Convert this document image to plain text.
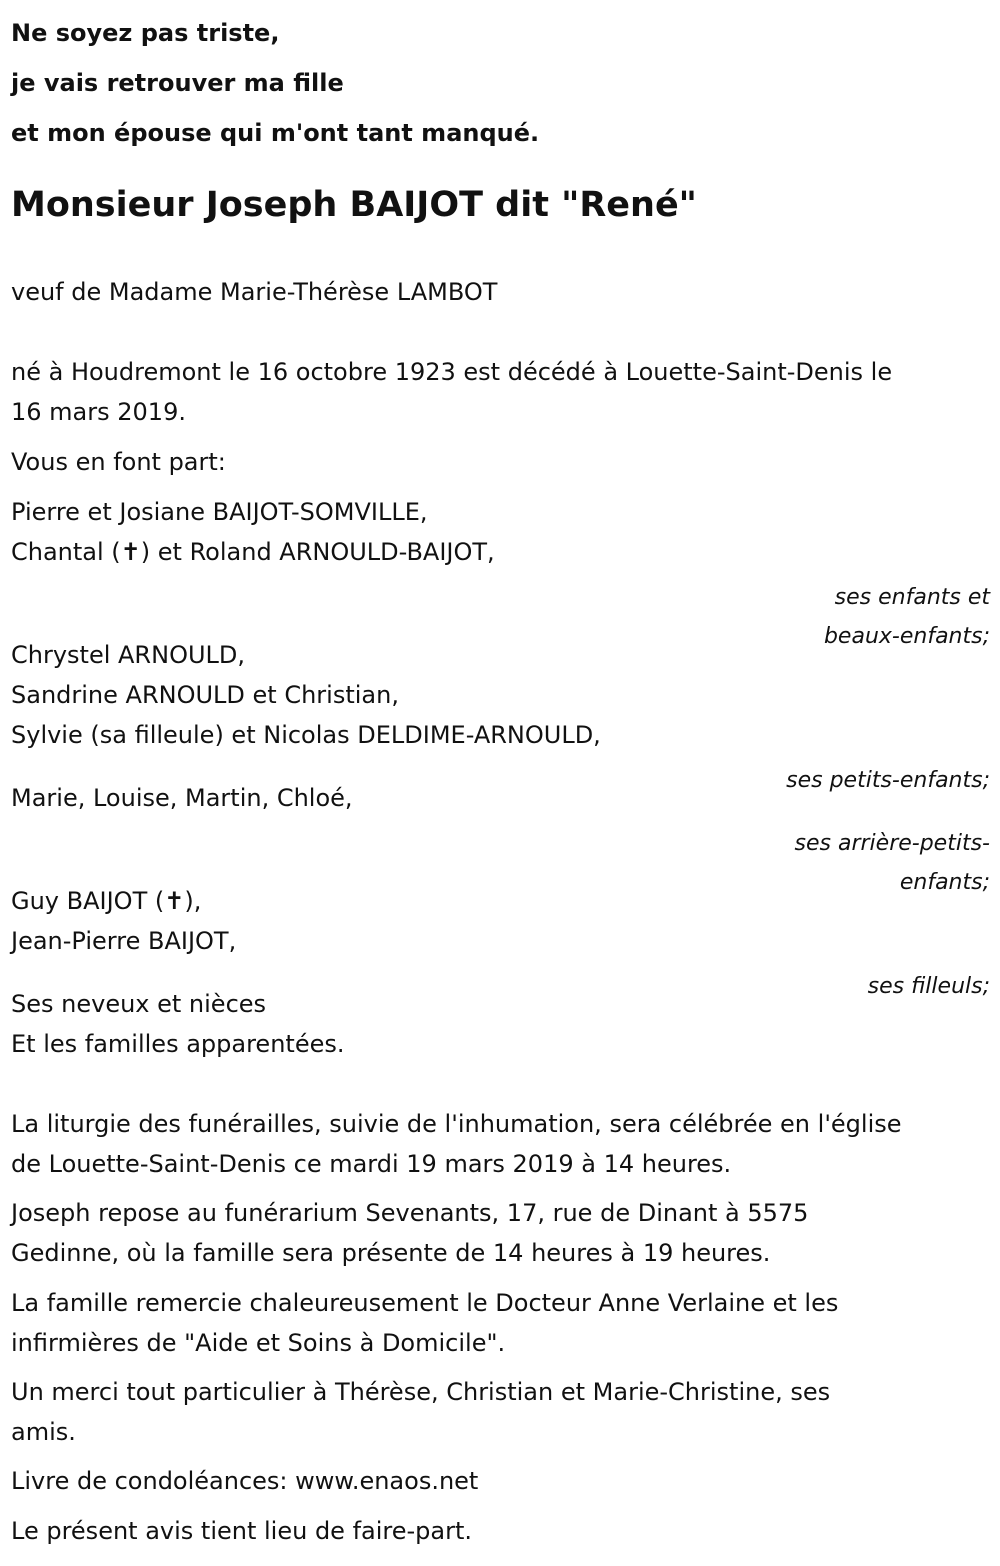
Ne soyez pas triste,

je vais retrouver ma fille

et mon épouse qui m'ont tant manqué.

Monsieur Joseph BAIJOT dit "René"

veuf de Madame Marie-Thérèse LAMBOT

né à Houdremont le 16 octobre 1923 est décédé à Louette-Saint-Denis le

16 mars 2019.

Vous en font part:

Pierre et Josiane BAIJOT-SOMVILLE,

Chantal (✝) et Roland ARNOULD-BAIJOT,

ses enfants et

beaux-enfants;

Chrystel ARNOULD,

Sandrine ARNOULD et Christian,

Sylvie (sa filleule) et Nicolas DELDIME-ARNOULD,

ses petits-enfants;

Marie, Louise, Martin, Chloé,

ses arrière-petits-

enfants;

Guy BAIJOT (✝),

Jean-Pierre BAIJOT,

ses filleuls;

Ses neveux et nièces

Et les familles apparentées.

La liturgie des funérailles, suivie de l'inhumation, sera célébrée en l'église

de Louette-Saint-Denis ce mardi 19 mars 2019 à 14 heures.

Joseph repose au funérarium Sevenants, 17, rue de Dinant à 5575

Gedinne, où la famille sera présente de 14 heures à 19 heures.

La famille remercie chaleureusement le Docteur Anne Verlaine et les

infirmières de "Aide et Soins à Domicile".

Un merci tout particulier à Thérèse, Christian et Marie-Christine, ses

amis.

Livre de condoléances: www.enaos.net

Le présent avis tient lieu de faire-part.
